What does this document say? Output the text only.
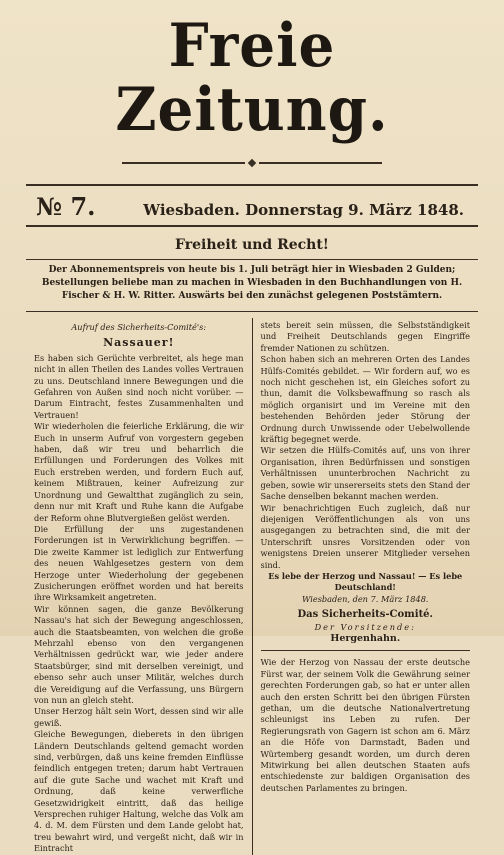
Freie Zeitung.
№ 7.	Wiesbaden. Donnerstag 9. März 1848.
Freiheit und Recht!
Der Abonnementspreis von heute bis 1. Juli beträgt hier in Wiesbaden 2 Gulden; Bestellungen beliebe man zu machen in Wiesbaden in den Buchhandlungen von H. Fischer & H. W. Ritter. Auswärts bei den zunächst gelegenen Poststämtern.
Aufruf des Sicherheits-Comité's:
Nassauer!

Es haben sich Gerüchte verbreitet, als hege man nicht in allen Theilen des Landes volles Vertrauen zu uns. Deutschland innere Bewegungen und die Gefahren von Außen sind noch nicht vorüber. — Darum Eintracht, festes Zusammenhalten und Vertrauen!

Wir wiederholen die feierliche Erklärung, die wir Euch in unserm Aufruf von vorgestern gegeben haben, daß wir treu und beharrlich die Erfüllungen und Forderungen des Volkes mit Euch erstreben werden, und fordern Euch auf, keinem Mißtrauen, keiner Aufreizung zur Unordnung und Gewaltthat zugänglich zu sein, denn nur mit Kraft und Ruhe kann die Aufgabe der Reform ohne Blutvergießen gelöst werden.

Die Erfüllung der uns zugestandenen Forderungen ist in Verwirklichung begriffen. — Die zweite Kammer ist lediglich zur Entwerfung des neuen Wahlgesetzes gestern von dem Herzoge unter Wiederholung der gegebenen Zusicherungen eröffnet worden und hat bereits ihre Wirksamkeit angetreten.

Wir können sagen, die ganze Bevölkerung Nassau's hat sich der Bewegung angeschlossen, auch die Staatsbeamten, von welchen die große Mehrzahl ebenso von den vergangenen Verhältnissen gedrückt war, wie jeder andere Staatsbürger, sind mit derselben vereinigt, und ebenso sehr auch unser Militär, welches durch die Vereidigung auf die Verfassung, uns Bürgern von nun an gleich steht.

Unser Herzog hält sein Wort, dessen sind wir alle gewiß.

Gleiche Bewegungen, dieberets in den übrigen Ländern Deutschlands geltend gemacht worden sind, verbürgen, daß uns keine fremden Einflüsse feindlich entgegen treten; darum habt Vertrauen auf die gute Sache und wachet mit Kraft und Ordnung, daß keine verwerfliche Gesetzwidrigkeit eintritt, daß das heilige Versprechen ruhiger Haltung, welche das Volk am 4. d. M. dem Fürsten und dem Lande gelobt hat, treu bewahrt wird, und vergeßt nicht, daß wir in Eintracht

stets bereit sein müssen, die Selbstständigkeit und Freiheit Deutschlands gegen Eingriffe fremder Nationen zu schützen.

Schon haben sich an mehreren Orten des Landes Hülfs-Comités gebildet. — Wir fordern auf, wo es noch nicht geschehen ist, ein Gleiches sofort zu thun, damit die Volksbewaffnung so rasch als möglich organisirt und im Vereine mit den bestehenden Behörden jeder Störung der Ordnung durch Unwissende oder Uebelwollende kräftig begegnet werde.

Wir setzen die Hülfs-Comités auf, uns von ihrer Organisation, ihren Bedürfnissen und sonstigen Verhältnissen ununterbrochen Nachricht zu geben, sowie wir unsererseits stets den Stand der Sache denselben bekannt machen werden.

Wir benachrichtigen Euch zugleich, daß nur diejenigen Veröffentlichungen als von uns ausgegangen zu betrachten sind, die mit der Unterschrift unsres Vorsitzenden oder von wenigstens Dreien unserer Mitglieder versehen sind.

Es lebe der Herzog und Nassau! — Es lebe Deutschland!

Wiesbaden, den 7. März 1848.

Das Sicherheits-Comité.
Der Vorsitzende:
Hergenhahn.

Wie der Herzog von Nassau der erste deutsche Fürst war, der seinem Volk die Gewährung seiner gerechten Forderungen gab, so hat er unter allen auch den ersten Schritt bei den übrigen Fürsten gethan, um die deutsche Nationalvertretung schleunigst ins Leben zu rufen. Der Regierungsrath von Gagern ist schon am 6. März an die Höfe von Darmstadt, Baden und Würtemberg gesandt worden, um durch deren Mitwirkung bei allen deutschen Staaten aufs entschiedenste zur baldigen Organisation des deutschen Parlamentes zu bringen.
